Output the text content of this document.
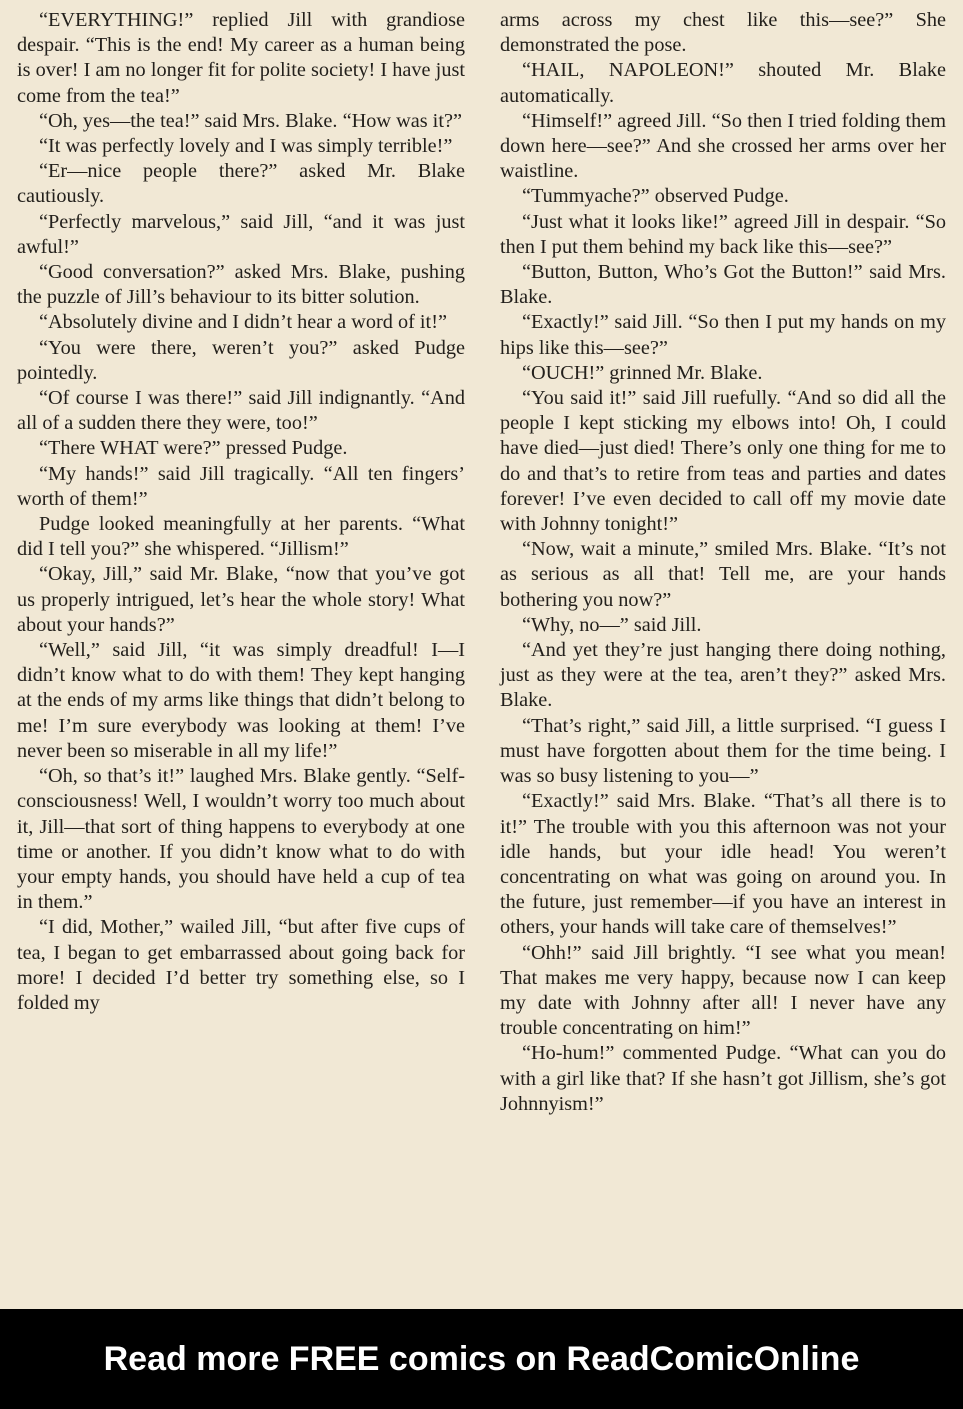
“EVERYTHING!” replied Jill with grandiose despair. “This is the end! My career as a human being is over! I am no longer fit for polite society! I have just come from the tea!”

“Oh, yes—the tea!” said Mrs. Blake. “How was it?”

“It was perfectly lovely and I was simply terrible!”

“Er—nice people there?” asked Mr. Blake cautiously.

“Perfectly marvelous,” said Jill, “and it was just awful!”

“Good conversation?” asked Mrs. Blake, pushing the puzzle of Jill’s behaviour to its bitter solution.

“Absolutely divine and I didn’t hear a word of it!”

“You were there, weren’t you?” asked Pudge pointedly.

“Of course I was there!” said Jill indignantly. “And all of a sudden there they were, too!”

“There WHAT were?” pressed Pudge.

“My hands!” said Jill tragically. “All ten fingers’ worth of them!”

Pudge looked meaningfully at her parents. “What did I tell you?” she whispered. “Jillism!”

“Okay, Jill,” said Mr. Blake, “now that you’ve got us properly intrigued, let’s hear the whole story! What about your hands?”

“Well,” said Jill, “it was simply dreadful! I—I didn’t know what to do with them! They kept hanging at the ends of my arms like things that didn’t belong to me! I’m sure everybody was looking at them! I’ve never been so miserable in all my life!”

“Oh, so that’s it!” laughed Mrs. Blake gently. “Self-consciousness! Well, I wouldn’t worry too much about it, Jill—that sort of thing happens to everybody at one time or another. If you didn’t know what to do with your empty hands, you should have held a cup of tea in them.”

“I did, Mother,” wailed Jill, “but after five cups of tea, I began to get embarrassed about going back for more! I decided I’d better try something else, so I folded my

arms across my chest like this—see?” She demonstrated the pose.

“HAIL, NAPOLEON!” shouted Mr. Blake automatically.

“Himself!” agreed Jill. “So then I tried folding them down here—see?” And she crossed her arms over her waistline.

“Tummyache?” observed Pudge.

“Just what it looks like!” agreed Jill in despair. “So then I put them behind my back like this—see?”

“Button, Button, Who’s Got the Button!” said Mrs. Blake.

“Exactly!” said Jill. “So then I put my hands on my hips like this—see?”

“OUCH!” grinned Mr. Blake.

“You said it!” said Jill ruefully. “And so did all the people I kept sticking my elbows into! Oh, I could have died—just died! There’s only one thing for me to do and that’s to retire from teas and parties and dates forever! I’ve even decided to call off my movie date with Johnny tonight!”

“Now, wait a minute,” smiled Mrs. Blake. “It’s not as serious as all that! Tell me, are your hands bothering you now?”

“Why, no—” said Jill.

“And yet they’re just hanging there doing nothing, just as they were at the tea, aren’t they?” asked Mrs. Blake.

“That’s right,” said Jill, a little surprised. “I guess I must have forgotten about them for the time being. I was so busy listening to you—”

“Exactly!” said Mrs. Blake. “That’s all there is to it!” The trouble with you this afternoon was not your idle hands, but your idle head! You weren’t concentrating on what was going on around you. In the future, just remember—if you have an interest in others, your hands will take care of themselves!”

“Ohh!” said Jill brightly. “I see what you mean! That makes me very happy, because now I can keep my date with Johnny after all! I never have any trouble concentrating on him!”

“Ho-hum!” commented Pudge. “What can you do with a girl like that? If she hasn’t got Jillism, she’s got Johnnyism!”

Read more FREE comics on ReadComicOnline
